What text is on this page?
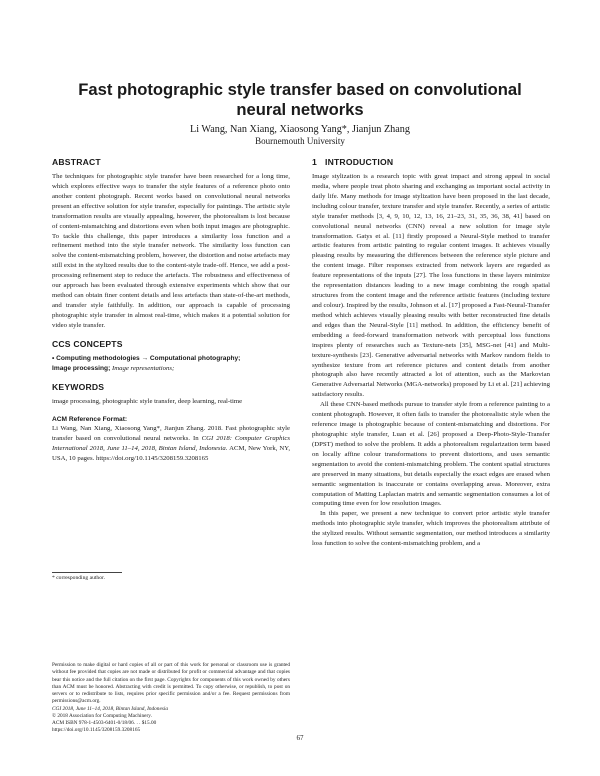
Fast photographic style transfer based on convolutional neural networks
Li Wang, Nan Xiang, Xiaosong Yang*, Jianjun Zhang
Bournemouth University
ABSTRACT

The techniques for photographic style transfer have been researched for a long time, which explores effective ways to transfer the style features of a reference photo onto another content photograph. Recent works based on convolutional neural networks present an effective solution for style transfer, especially for paintings. The artistic style transformation results are visually appealing, however, the photorealism is lost because of content-mismatching and distortions even when both input images are photographic. To tackle this challenge, this paper introduces a similarity loss function and a refinement method into the style transfer network. The similarity loss function can solve the content-mismatching problem, however, the distortion and noise artefacts may still exist in the stylized results due to the content-style trade-off. Hence, we add a post-processing refinement step to reduce the artefacts. The robustness and effectiveness of our approach has been evaluated through extensive experiments which show that our method can obtain finer content details and less artefacts than state-of-the-art methods, and transfer style faithfully. In addition, our approach is capable of processing photographic style transfer in almost real-time, which makes it a potential solution for video style transfer.

CCS CONCEPTS
• Computing methodologies → Computational photography;
Image processing; Image representations;
KEYWORDS

image processing, photographic style transfer, deep learning, real-time

ACM Reference Format:

Li Wang, Nan Xiang, Xiaosong Yang*, Jianjun Zhang. 2018. Fast photographic style transfer based on convolutional neural networks. In CGI 2018: Computer Graphics International 2018, June 11–14, 2018, Bintan Island, Indonesia. ACM, New York, NY, USA, 10 pages. https://doi.org/10.1145/3208159.3208165

* corresponding author.

Permission to make digital or hard copies of all or part of this work for personal or classroom use is granted without fee provided that copies are not made or distributed for profit or commercial advantage and that copies bear this notice and the full citation on the first page. Copyrights for components of this work owned by others than ACM must be honored. Abstracting with credit is permitted. To copy otherwise, or republish, to post on servers or to redistribute to lists, requires prior specific permission and/or a fee. Request permissions from permissions@acm.org.

CGI 2018, June 11–14, 2018, Bintan Island, Indonesia

© 2018 Association for Computing Machinery.

ACM ISBN 978-1-4503-6401-0/18/06. . . $15.00

https://doi.org/10.1145/3208159.3208165

1 INTRODUCTION

Image stylization is a research topic with great impact and strong appeal in social media, where people treat photo sharing and exchanging as important social activity in daily life. Many methods for image stylization have been proposed in the last decade, including colour transfer, texture transfer and style transfer. Recently, a series of artistic style transfer methods [3, 4, 9, 10, 12, 13, 16, 21–23, 31, 35, 36, 38, 41] based on convolutional neural networks (CNN) reveal a new solution for image style transformation. Gatys et al. [11] firstly proposed a Neural-Style method to transfer artistic features from artistic painting to regular content images. It achieves visually pleasing results by measuring the differences between the reference style picture and the content image. Filter responses extracted from network layers are regarded as feature representations of the inputs [27]. The loss functions in these layers minimize the representation distances leading to a new image combining the rough spatial structures from the content image and the reference artistic features (including texture and colour). Inspired by the results, Johnson et al. [17] proposed a Fast-Neural-Transfer method which achieves visually pleasing results with better reconstructed fine details and edges than the Neural-Style [11] method. In addition, the efficiency benefit of embedding a feed-forward transformation network with perceptual loss functions inspires plenty of researches such as Texture-nets [35], MSG-net [41] and Multi-texture-synthesis [23]. Generative adversarial networks with Markov random fields to synthesize texture from art reference pictures and content details from another photograph also have recently attracted a lot of attention, such as the Markovian Generative Adversarial Networks (MGA-networks) proposed by Li et al. [21] achieving satisfactory results.

All these CNN-based methods pursue to transfer style from a reference painting to a content photograph. However, it often fails to transfer the photorealistic style when the reference image is photographic because of content-mismatching and distortions. For photographic style transfer, Luan et al. [26] proposed a Deep-Photo-Style-Transfer (DPST) method to solve the problem. It adds a photorealism regularization term based on locally affine colour transformations to prevent distortions, and uses semantic segmentation to avoid the content-mismatching problem. The content spatial structures are preserved in many situations, but details especially the exact edges are erased when semantic segmentation is inaccurate or contains overlapping areas. Moreover, extra computation of Matting Laplacian matrix and semantic segmentation consumes a lot of computing time even for low resolution images.

In this paper, we present a new technique to convert prior artistic style transfer methods into photographic style transfer, which improves the photorealism attribute of the stylized results. Without semantic segmentation, our method introduces a similarity loss function to solve the content-mismatching problem, and a

67
